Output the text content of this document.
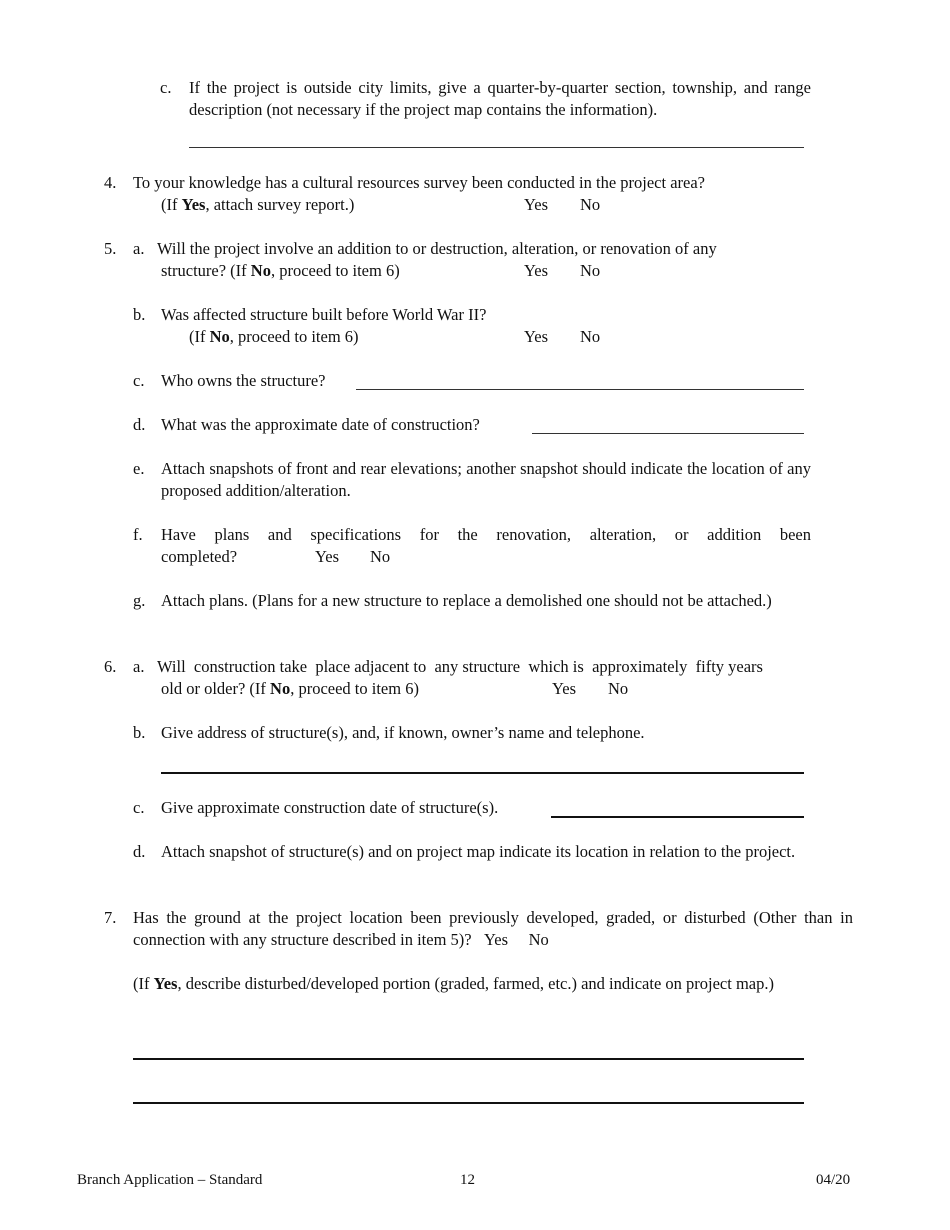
c. If the project is outside city limits, give a quarter-by-quarter section, township, and range description (not necessary if the project map contains the information).
4. To your knowledge has a cultural resources survey been conducted in the project area?
(If Yes, attach survey report.)	Yes No
5. a. Will the project involve an addition to or destruction, alteration, or renovation of any
structure? (If No, proceed to item 6)	Yes No
b. Was affected structure built before World War II?
(If No, proceed to item 6)	Yes No
c. Who owns the structure?
d. What was the approximate date of construction?
e. Attach snapshots of front and rear elevations; another snapshot should indicate the location of any proposed addition/alteration.
f. Have plans and specifications for the renovation, alteration, or addition been
completed?	Yes No
g. Attach plans. (Plans for a new structure to replace a demolished one should not be attached.)
6. a. Will  construction take  place adjacent to  any structure  which is  approximately  fifty years
old or older? (If No, proceed to item 6)	Yes No
b. Give address of structure(s), and, if known, owner’s name and telephone.
c. Give approximate construction date of structure(s).
d. Attach snapshot of structure(s) and on project map indicate its location in relation to the project.
7. Has the ground at the project location been previously developed, graded, or disturbed (Other than in connection with any structure described in item 5)? Yes No
(If Yes, describe disturbed/developed portion (graded, farmed, etc.) and indicate on project map.)
Branch Application – Standard	12	04/20
